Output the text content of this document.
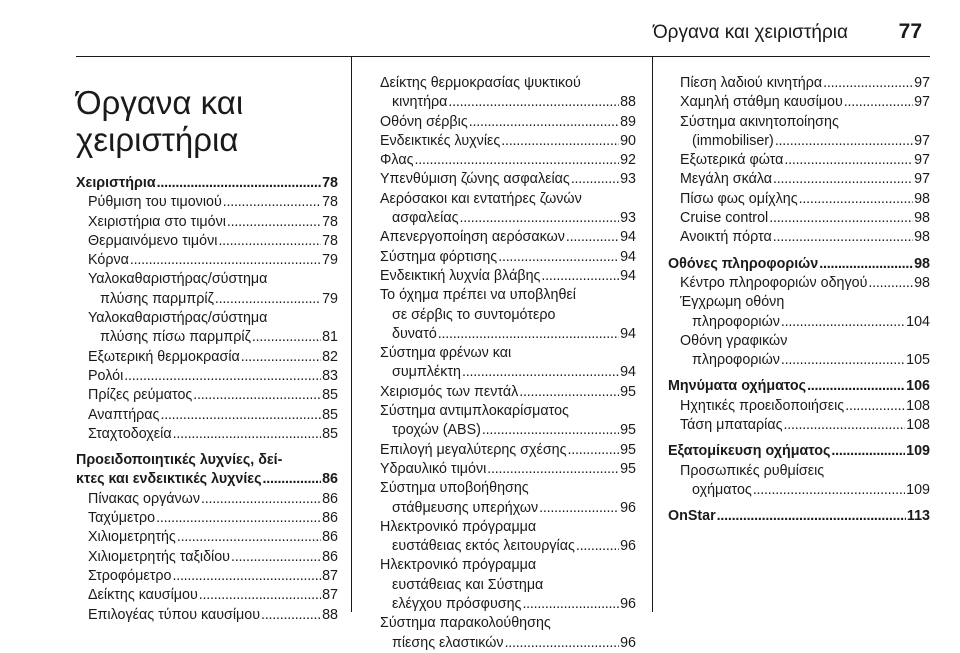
Όργανα και χειριστήρια 77
Όργανα και χειριστήρια
Χειριστήρια . . .	78
Ρύθμιση του τιμονιού . . .	78
Χειριστήρια στο τιμόνι . . .	78
Θερμαινόμενο τιμόνι . . .	78
Κόρνα . . .	79
Υαλοκαθαριστήρας/σύστημα
πλύσης παρμπρίζ . . .	79
Υαλοκαθαριστήρας/σύστημα
πλύσης πίσω παρμπρίζ . . .	81
Εξωτερική θερμοκρασία . . .	82
Ρολόι . . .	83
Πρίζες ρεύματος . . .	85
Αναπτήρας . . .	85
Σταχτοδοχεία . . .	85
Προειδοποιητικές λυχνίες, δεί-
κτες και ενδεικτικές λυχνίες . . .	86
Πίνακας οργάνων . . .	86
Ταχύμετρο . . .	86
Χιλιομετρητής . . .	86
Χιλιομετρητής ταξιδίου . . .	86
Στροφόμετρο . . .	87
Δείκτης καυσίμου . . .	87
Επιλογέας τύπου καυσίμου . . .	88
Δείκτης θερμοκρασίας ψυκτικού
κινητήρα . . .	88
Οθόνη σέρβις . . .	89
Ενδεικτικές λυχνίες . . .	90
Φλας . . .	92
Υπενθύμιση ζώνης ασφαλείας . . .	93
Αερόσακοι και εντατήρες ζωνών
ασφαλείας . . .	93
Απενεργοποίηση αερόσακων . . .	94
Σύστημα φόρτισης . . .	94
Ενδεικτική λυχνία βλάβης . . .	94
Το όχημα πρέπει να υποβληθεί
σε σέρβις το συντομότερο
δυνατό . . .	94
Σύστημα φρένων και
συμπλέκτη . . .	94
Χειρισμός των πεντάλ . . .	95
Σύστημα αντιμπλοκαρίσματος
τροχών (ABS) . . .	95
Επιλογή μεγαλύτερης σχέσης . . .	95
Υδραυλικό τιμόνι . . .	95
Σύστημα υποβοήθησης
στάθμευσης υπερήχων . . .	96
Ηλεκτρονικό πρόγραμμα
ευστάθειας εκτός λειτουργίας . . .	96
Ηλεκτρονικό πρόγραμμα
ευστάθειας και Σύστημα
ελέγχου πρόσφυσης . . .	96
Σύστημα παρακολούθησης
πίεσης ελαστικών . . .	96
Πίεση λαδιού κινητήρα . . .	97
Χαμηλή στάθμη καυσίμου . . .	97
Σύστημα ακινητοποίησης
(immobiliser) . . .	97
Εξωτερικά φώτα . . .	97
Μεγάλη σκάλα . . .	97
Πίσω φως ομίχλης . . .	98
Cruise control . . .	98
Ανοικτή πόρτα . . .	98
Οθόνες πληροφοριών . . .	98
Κέντρο πληροφοριών οδηγού . . .	98
Έγχρωμη οθόνη
πληροφοριών . . .	104
Οθόνη γραφικών
πληροφοριών . . .	105
Μηνύματα οχήματος . . .	106
Ηχητικές προειδοποιήσεις . . .	108
Τάση μπαταρίας . . .	108
Εξατομίκευση οχήματος . . .	109
Προσωπικές ρυθμίσεις
οχήματος . . .	109
OnStar . . .	113
